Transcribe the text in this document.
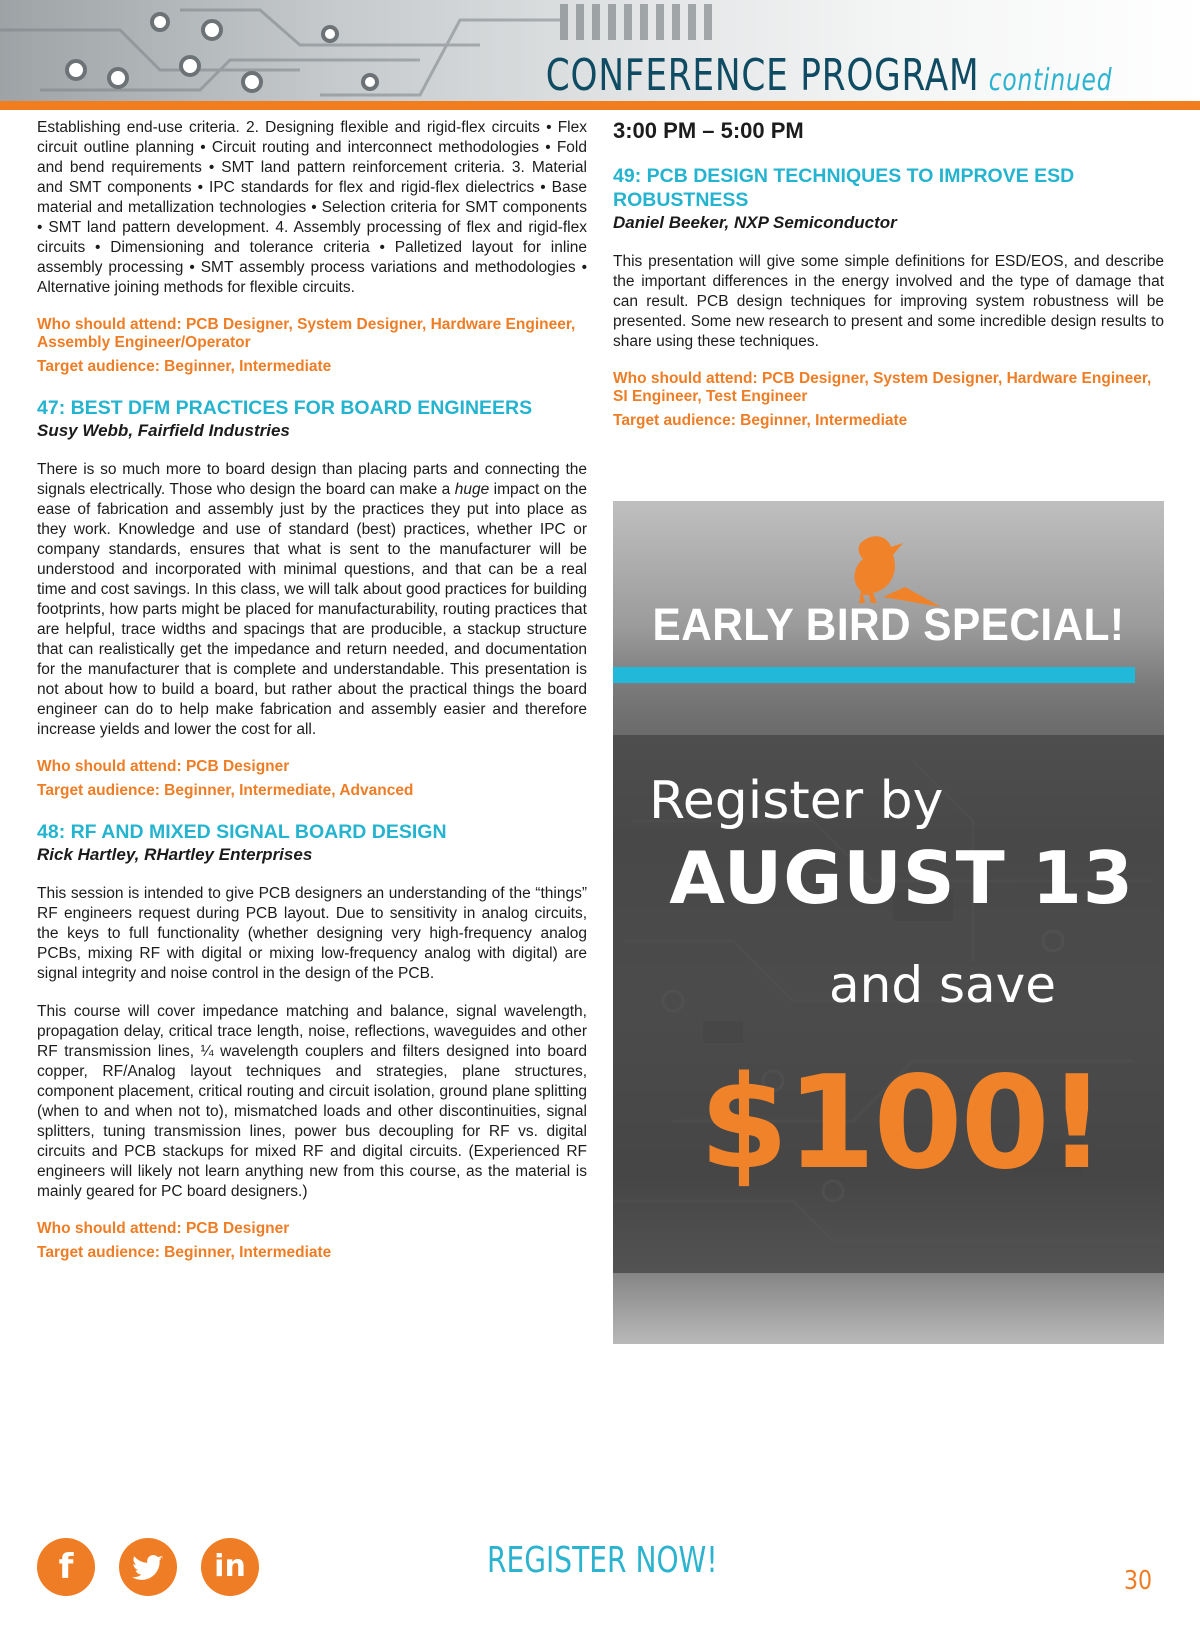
CONFERENCE PROGRAM continued

Establishing end-use criteria. 2. Designing flexible and rigid-flex circuits • Flex circuit outline planning • Circuit routing and interconnect methodologies • Fold and bend requirements • SMT land pattern reinforcement criteria. 3. Material and SMT components • IPC standards for flex and rigid-flex dielectrics • Base material and metallization technologies • Selection criteria for SMT components • SMT land pattern development. 4. Assembly processing of flex and rigid-flex circuits • Dimensioning and tolerance criteria • Palletized layout for inline assembly processing • SMT assembly process variations and methodologies • Alternative joining methods for flexible circuits.

Who should attend: PCB Designer, System Designer, Hardware Engineer, Assembly Engineer/Operator

Target audience: Beginner, Intermediate

47: BEST DFM PRACTICES FOR BOARD ENGINEERS

Susy Webb, Fairfield Industries

There is so much more to board design than placing parts and connecting the signals electrically. Those who design the board can make a huge impact on the ease of fabrication and assembly just by the practices they put into place as they work. Knowledge and use of standard (best) practices, whether IPC or company standards, ensures that what is sent to the manufacturer will be understood and incorporated with minimal questions, and that can be a real time and cost savings. In this class, we will talk about good practices for building footprints, how parts might be placed for manufacturability, routing practices that are helpful, trace widths and spacings that are producible, a stackup structure that can realistically get the impedance and return needed, and documentation for the manufacturer that is complete and understandable. This presentation is not about how to build a board, but rather about the practical things the board engineer can do to help make fabrication and assembly easier and therefore increase yields and lower the cost for all.

Who should attend: PCB Designer

Target audience: Beginner, Intermediate, Advanced

48: RF AND MIXED SIGNAL BOARD DESIGN

Rick Hartley, RHartley Enterprises

This session is intended to give PCB designers an understanding of the “things” RF engineers request during PCB layout. Due to sensitivity in analog circuits, the keys to full functionality (whether designing very high-frequency analog PCBs, mixing RF with digital or mixing low-frequency analog with digital) are signal integrity and noise control in the design of the PCB.

This course will cover impedance matching and balance, signal wavelength, propagation delay, critical trace length, noise, reflections, waveguides and other RF transmission lines, ¼ wavelength couplers and filters designed into board copper, RF/Analog layout techniques and strategies, plane structures, component placement, critical routing and circuit isolation, ground plane splitting (when to and when not to), mismatched loads and other discontinuities, signal splitters, tuning transmission lines, power bus decoupling for RF vs. digital circuits and PCB stackups for mixed RF and digital circuits. (Experienced RF engineers will likely not learn anything new from this course, as the material is mainly geared for PC board designers.)

Who should attend: PCB Designer

Target audience: Beginner, Intermediate

3:00 PM – 5:00 PM

49: PCB DESIGN TECHNIQUES TO IMPROVE ESD ROBUSTNESS

Daniel Beeker, NXP Semiconductor

This presentation will give some simple definitions for ESD/EOS, and describe the important differences in the energy involved and the type of damage that can result. PCB design techniques for improving system robustness will be presented. Some new research to present and some incredible design results to share using these techniques.

Who should attend: PCB Designer, System Designer, Hardware Engineer, SI Engineer, Test Engineer

Target audience: Beginner, Intermediate

EARLY BIRD SPECIAL!
Register by
AUGUST 13
and save
$100!
f	in	REGISTER NOW!	30
